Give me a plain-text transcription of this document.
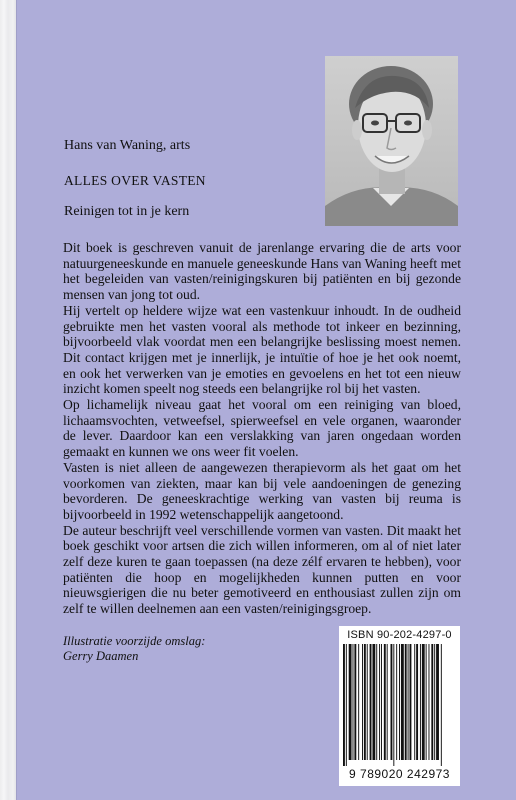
Hans van Waning, arts
ALLES OVER VASTEN
Reinigen tot in je kern

Dit boek is geschreven vanuit de jarenlange ervaring die de arts voor natuurgeneeskunde en manuele geneeskunde Hans van Waning heeft met het begeleiden van vasten/reinigingskuren bij patiënten en bij gezonde mensen van jong tot oud.

Hij vertelt op heldere wijze wat een vastenkuur inhoudt. In de oudheid gebruikte men het vasten vooral als methode tot inkeer en bezinning, bijvoorbeeld vlak voordat men een belangrijke beslissing moest nemen. Dit contact krijgen met je innerlijk, je intuïtie of hoe je het ook noemt, en ook het verwerken van je emoties en gevoelens en het tot een nieuw inzicht komen speelt nog steeds een belangrijke rol bij het vasten.

Op lichamelijk niveau gaat het vooral om een reiniging van bloed, lichaamsvochten, vetweefsel, spierweefsel en vele organen, waaronder de lever. Daardoor kan een verslakking van jaren ongedaan worden gemaakt en kunnen we ons weer fit voelen.

Vasten is niet alleen de aangewezen therapievorm als het gaat om het voorkomen van ziekten, maar kan bij vele aandoeningen de genezing bevorderen. De geneeskrachtige werking van vasten bij reuma is bijvoorbeeld in 1992 wetenschappelijk aangetoond.

De auteur beschrijft veel verschillende vormen van vasten. Dit maakt het boek geschikt voor artsen die zich willen informeren, om al of niet later zelf deze kuren te gaan toepassen (na deze zélf ervaren te hebben), voor patiënten die hoop en mogelijkheden kunnen putten en voor nieuwsgierigen die nu beter gemotiveerd en enthousiast zullen zijn om zelf te willen deelnemen aan een vasten/reinigingsgroep.

Illustratie voorzijde omslag:
Gerry Daamen
ISBN 90-202-4297-0
9 789020 242973
